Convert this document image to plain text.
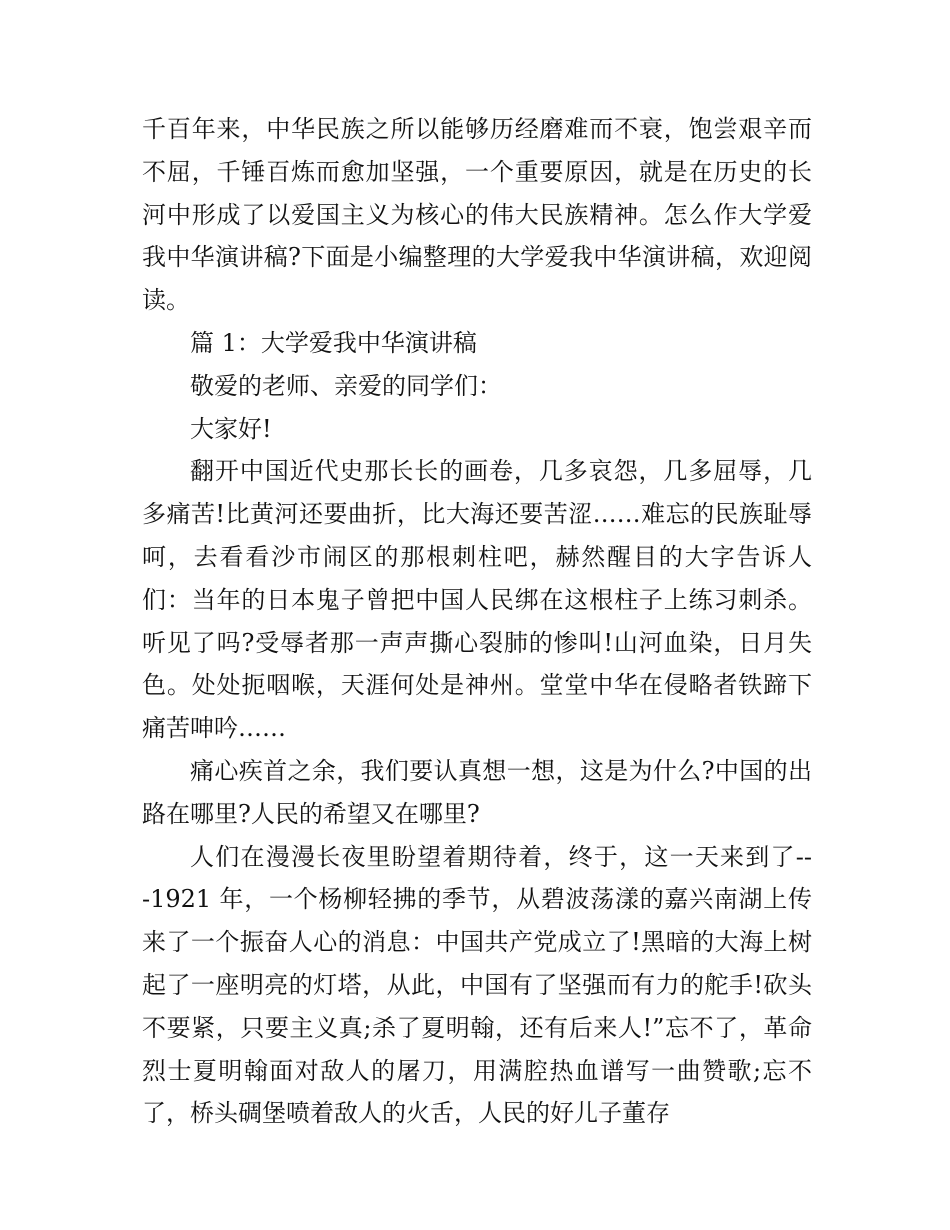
千百年来，中华民族之所以能够历经磨难而不衰，饱尝艰辛而不屈，千锤百炼而愈加坚强，一个重要原因，就是在历史的长河中形成了以爱国主义为核心的伟大民族精神。怎么作大学爱我中华演讲稿?下面是小编整理的大学爱我中华演讲稿，欢迎阅读。

篇 1：大学爱我中华演讲稿

敬爱的老师、亲爱的同学们：

大家好!

翻开中国近代史那长长的画卷，几多哀怨，几多屈辱，几多痛苦!比黄河还要曲折，比大海还要苦涩……难忘的民族耻辱呵，去看看沙市闹区的那根刺柱吧，赫然醒目的大字告诉人们：当年的日本鬼子曾把中国人民绑在这根柱子上练习刺杀。听见了吗?受辱者那一声声撕心裂肺的惨叫!山河血染，日月失色。处处扼咽喉，天涯何处是神州。堂堂中华在侵略者铁蹄下痛苦呻吟……

痛心疾首之余，我们要认真想一想，这是为什么?中国的出路在哪里?人民的希望又在哪里?

人们在漫漫长夜里盼望着期待着，终于，这一天来到了---1921 年，一个杨柳轻拂的季节，从碧波荡漾的嘉兴南湖上传来了一个振奋人心的消息：中国共产党成立了!黑暗的大海上树起了一座明亮的灯塔，从此，中国有了坚强而有力的舵手!砍头不要紧，只要主义真;杀了夏明翰，还有后来人!”忘不了，革命烈士夏明翰面对敌人的屠刀，用满腔热血谱写一曲赞歌;忘不了，桥头碉堡喷着敌人的火舌，人民的好儿子董存
